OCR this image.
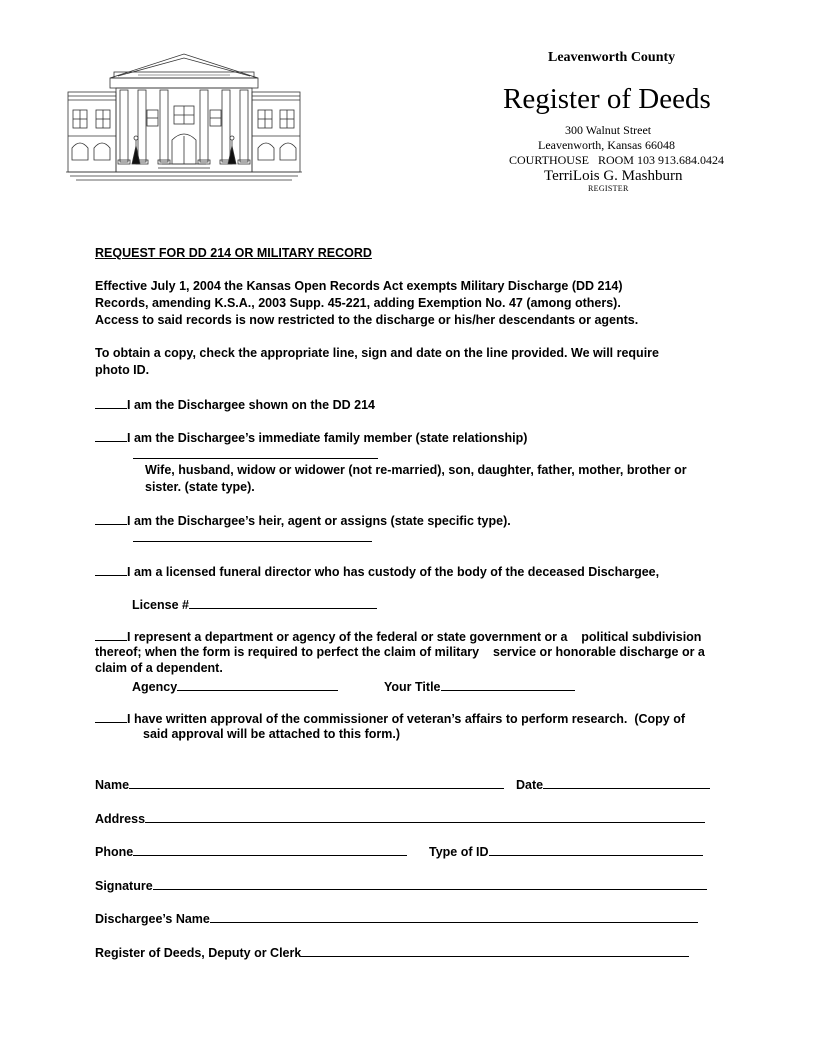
Leavenworth County
Register of Deeds
300 Walnut Street
Leavenworth, Kansas 66048
COURTHOUSE   ROOM 103 913.684.0424
TerriLois G. Mashburn
REGISTER
REQUEST FOR DD 214 OR MILITARY RECORD
Effective July 1, 2004 the Kansas Open Records Act exempts Military Discharge (DD 214)
Records, amending K.S.A., 2003 Supp. 45-221, adding Exemption No. 47 (among others).
Access to said records is now restricted to the discharge or his/her descendants or agents.
To obtain a copy, check the appropriate line, sign and date on the line provided. We will require
photo ID.
I am the Dischargee shown on the DD 214
I am the Dischargee’s immediate family member (state relationship)
Wife, husband, widow or widower (not re-married), son, daughter, father, mother, brother or
sister. (state type).
I am the Dischargee’s heir, agent or assigns (state specific type).
I am a licensed funeral director who has custody of the body of the deceased Dischargee,
License #
I represent a department or agency of the federal or state government or a    political subdivision
thereof; when the form is required to perfect the claim of military    service or honorable discharge or a
claim of a dependent.
Agency	Your Title
I have written approval of the commissioner of veteran’s affairs to perform research.  (Copy of
said approval will be attached to this form.)
Name	Date
Address
Phone	Type of ID
Signature
Dischargee’s Name
Register of Deeds, Deputy or Clerk
